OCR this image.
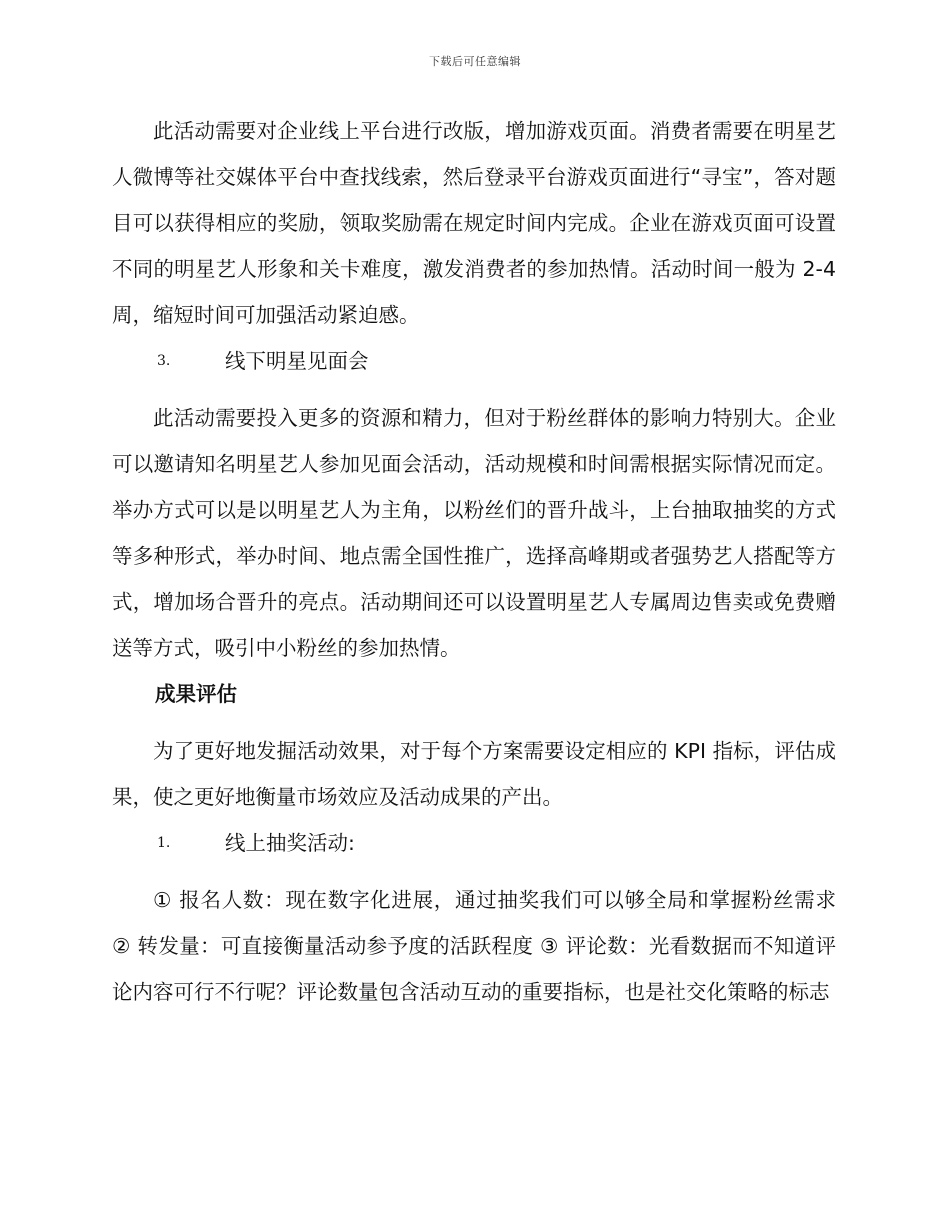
下载后可任意编辑

此活动需要对企业线上平台进行改版，增加游戏页面。消费者需要在明星艺人微博等社交媒体平台中查找线索，然后登录平台游戏页面进行“寻宝”，答对题目可以获得相应的奖励，领取奖励需在规定时间内完成。企业在游戏页面可设置不同的明星艺人形象和关卡难度，激发消费者的参加热情。活动时间一般为 2-4 周，缩短时间可加强活动紧迫感。

3.	线下明星见面会

此活动需要投入更多的资源和精力，但对于粉丝群体的影响力特别大。企业可以邀请知名明星艺人参加见面会活动，活动规模和时间需根据实际情况而定。举办方式可以是以明星艺人为主角，以粉丝们的晋升战斗，上台抽取抽奖的方式等多种形式，举办时间、地点需全国性推广，选择高峰期或者强势艺人搭配等方式，增加场合晋升的亮点。活动期间还可以设置明星艺人专属周边售卖或免费赠送等方式，吸引中小粉丝的参加热情。

成果评估

为了更好地发掘活动效果，对于每个方案需要设定相应的 KPI 指标，评估成果，使之更好地衡量市场效应及活动成果的产出。

1.	线上抽奖活动:

① 报名人数：现在数字化进展，通过抽奖我们可以够全局和掌握粉丝需求 ② 转发量：可直接衡量活动参予度的活跃程度 ③ 评论数：光看数据而不知道评论内容可行不行呢？评论数量包含活动互动的重要指标，也是社交化策略的标志
